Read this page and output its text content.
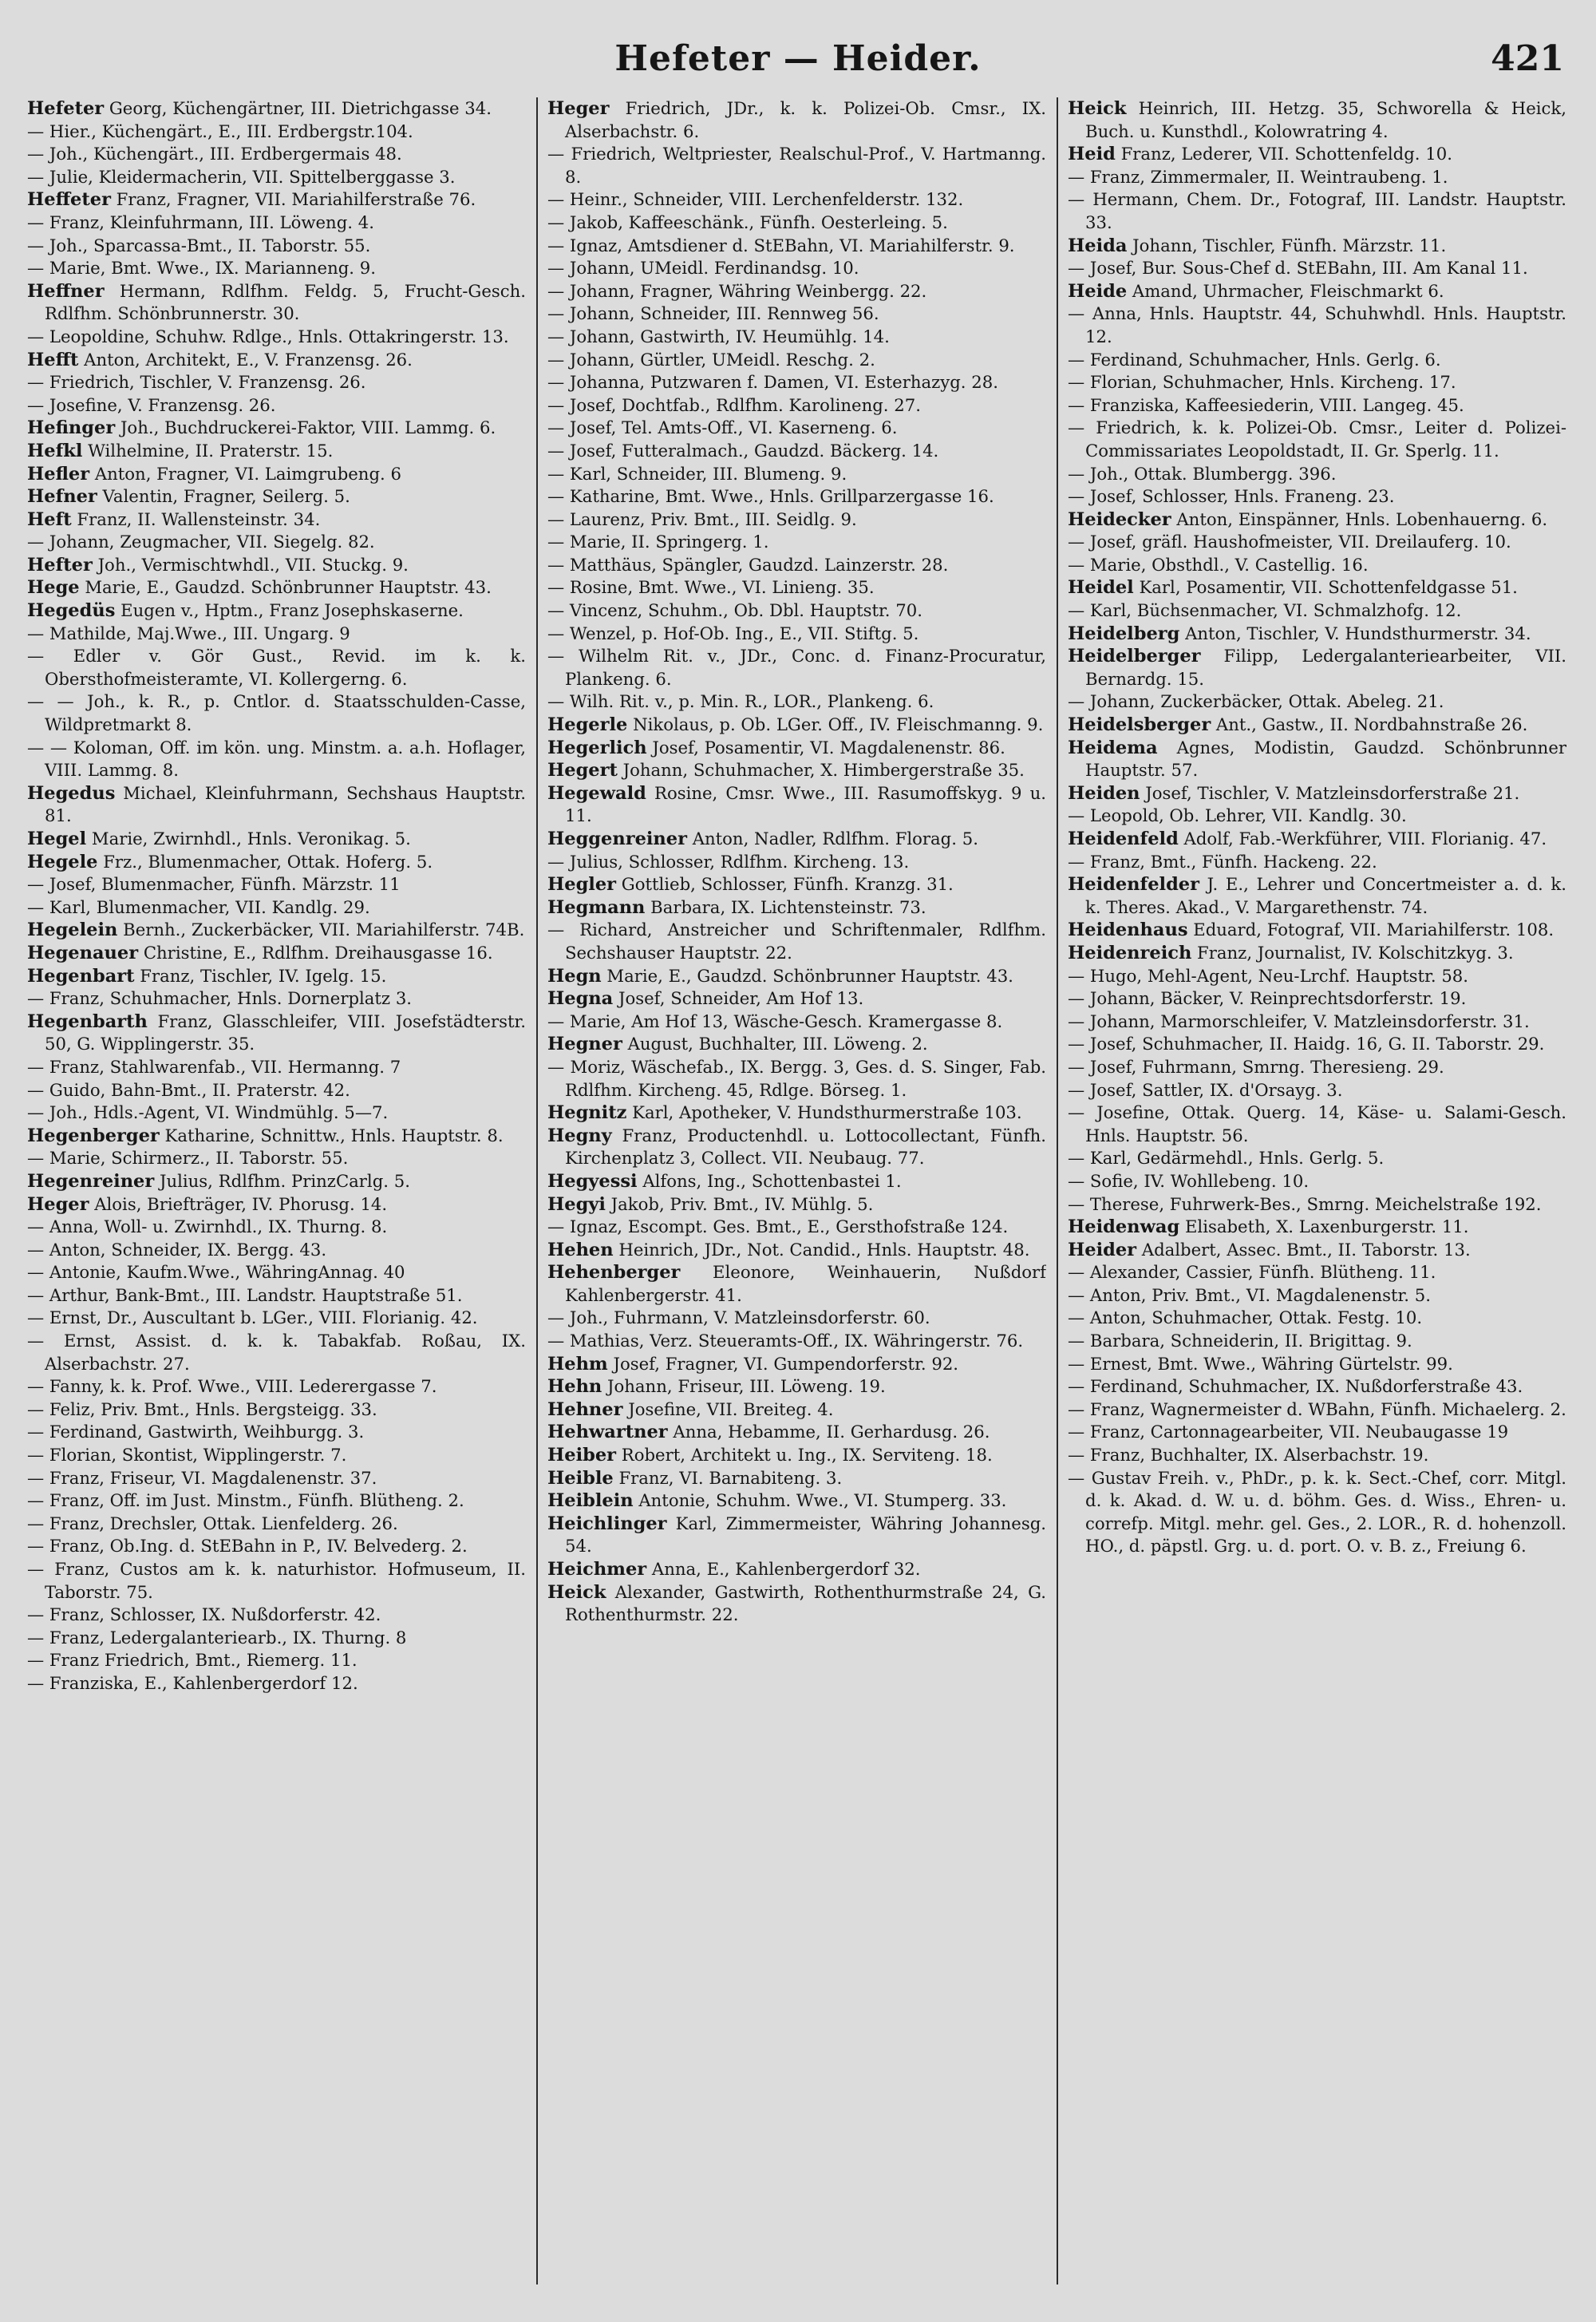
Hefeter — Heider.	421

Hefeter Georg, Küchengärtner, III. Dietrichgasse 34.

— Hier., Küchengärt., E., III. Erdbergstr.104.

— Joh., Küchengärt., III. Erdbergermais 48.

— Julie, Kleidermacherin, VII. Spittelberggasse 3.

Heffeter Franz, Fragner, VII. Mariahilferstraße 76.

— Franz, Kleinfuhrmann, III. Löweng. 4.

— Joh., Sparcassa-Bmt., II. Taborstr. 55.

— Marie, Bmt. Wwe., IX. Marianneng. 9.

Heffner Hermann, Rdlfhm. Feldg. 5, Frucht-Gesch. Rdlfhm. Schönbrunnerstr. 30.

— Leopoldine, Schuhw. Rdlge., Hnls. Ottakringerstr. 13.

Hefft Anton, Architekt, E., V. Franzensg. 26.

— Friedrich, Tischler, V. Franzensg. 26.

— Josefine, V. Franzensg. 26.

Hefinger Joh., Buchdruckerei-Faktor, VIII. Lammg. 6.

Hefkl Wilhelmine, II. Praterstr. 15.

Hefler Anton, Fragner, VI. Laimgrubeng. 6

Hefner Valentin, Fragner, Seilerg. 5.

Heft Franz, II. Wallensteinstr. 34.

— Johann, Zeugmacher, VII. Siegelg. 82.

Hefter Joh., Vermischtwhdl., VII. Stuckg. 9.

Hege Marie, E., Gaudzd. Schönbrunner Hauptstr. 43.

Hegedüs Eugen v., Hptm., Franz Josephskaserne.

— Mathilde, Maj.Wwe., III. Ungarg. 9

— Edler v. Gör Gust., Revid. im k. k. Obersthofmeisteramte, VI. Kollergerng. 6.

— — Joh., k. R., p. Cntlor. d. Staatsschulden-Casse, Wildpretmarkt 8.

— — Koloman, Off. im kön. ung. Minstm. a. a.h. Hoflager, VIII. Lammg. 8.

Hegedus Michael, Kleinfuhrmann, Sechshaus Hauptstr. 81.

Hegel Marie, Zwirnhdl., Hnls. Veronikag. 5.

Hegele Frz., Blumenmacher, Ottak. Hoferg. 5.

— Josef, Blumenmacher, Fünfh. Märzstr. 11

— Karl, Blumenmacher, VII. Kandlg. 29.

Hegelein Bernh., Zuckerbäcker, VII. Mariahilferstr. 74B.

Hegenauer Christine, E., Rdlfhm. Dreihausgasse 16.

Hegenbart Franz, Tischler, IV. Igelg. 15.

— Franz, Schuhmacher, Hnls. Dornerplatz 3.

Hegenbarth Franz, Glasschleifer, VIII. Josefstädterstr. 50, G. Wipplingerstr. 35.

— Franz, Stahlwarenfab., VII. Hermanng. 7

— Guido, Bahn-Bmt., II. Praterstr. 42.

— Joh., Hdls.-Agent, VI. Windmühlg. 5—7.

Hegenberger Katharine, Schnittw., Hnls. Hauptstr. 8.

— Marie, Schirmerz., II. Taborstr. 55.

Hegenreiner Julius, Rdlfhm. PrinzCarlg. 5.

Heger Alois, Briefträger, IV. Phorusg. 14.

— Anna, Woll- u. Zwirnhdl., IX. Thurng. 8.

— Anton, Schneider, IX. Bergg. 43.

— Antonie, Kaufm.Wwe., WähringAnnag. 40

— Arthur, Bank-Bmt., III. Landstr. Hauptstraße 51.

— Ernst, Dr., Auscultant b. LGer., VIII. Florianig. 42.

— Ernst, Assist. d. k. k. Tabakfab. Roßau, IX. Alserbachstr. 27.

— Fanny, k. k. Prof. Wwe., VIII. Lederergasse 7.

— Feliz, Priv. Bmt., Hnls. Bergsteigg. 33.

— Ferdinand, Gastwirth, Weihburgg. 3.

— Florian, Skontist, Wipplingerstr. 7.

— Franz, Friseur, VI. Magdalenenstr. 37.

— Franz, Off. im Just. Minstm., Fünfh. Blütheng. 2.

— Franz, Drechsler, Ottak. Lienfelderg. 26.

— Franz, Ob.Ing. d. StEBahn in P., IV. Belvederg. 2.

— Franz, Custos am k. k. naturhistor. Hofmuseum, II. Taborstr. 75.

— Franz, Schlosser, IX. Nußdorferstr. 42.

— Franz, Ledergalanteriearb., IX. Thurng. 8

— Franz Friedrich, Bmt., Riemerg. 11.

— Franziska, E., Kahlenbergerdorf 12.

Heger Friedrich, JDr., k. k. Polizei-Ob. Cmsr., IX. Alserbachstr. 6.

— Friedrich, Weltpriester, Realschul-Prof., V. Hartmanng. 8.

— Heinr., Schneider, VIII. Lerchenfelderstr. 132.

— Jakob, Kaffeeschänk., Fünfh. Oesterleing. 5.

— Ignaz, Amtsdiener d. StEBahn, VI. Mariahilferstr. 9.

— Johann, UMeidl. Ferdinandsg. 10.

— Johann, Fragner, Währing Weinbergg. 22.

— Johann, Schneider, III. Rennweg 56.

— Johann, Gastwirth, IV. Heumühlg. 14.

— Johann, Gürtler, UMeidl. Reschg. 2.

— Johanna, Putzwaren f. Damen, VI. Esterhazyg. 28.

— Josef, Dochtfab., Rdlfhm. Karolineng. 27.

— Josef, Tel. Amts-Off., VI. Kaserneng. 6.

— Josef, Futteralmach., Gaudzd. Bäckerg. 14.

— Karl, Schneider, III. Blumeng. 9.

— Katharine, Bmt. Wwe., Hnls. Grillparzergasse 16.

— Laurenz, Priv. Bmt., III. Seidlg. 9.

— Marie, II. Springerg. 1.

— Matthäus, Spängler, Gaudzd. Lainzerstr. 28.

— Rosine, Bmt. Wwe., VI. Linieng. 35.

— Vincenz, Schuhm., Ob. Dbl. Hauptstr. 70.

— Wenzel, p. Hof-Ob. Ing., E., VII. Stiftg. 5.

— Wilhelm Rit. v., JDr., Conc. d. Finanz-Procuratur, Plankeng. 6.

— Wilh. Rit. v., p. Min. R., LOR., Plankeng. 6.

Hegerle Nikolaus, p. Ob. LGer. Off., IV. Fleischmanng. 9.

Hegerlich Josef, Posamentir, VI. Magdalenenstr. 86.

Hegert Johann, Schuhmacher, X. Himbergerstraße 35.

Hegewald Rosine, Cmsr. Wwe., III. Rasumoffskyg. 9 u. 11.

Heggenreiner Anton, Nadler, Rdlfhm. Florag. 5.

— Julius, Schlosser, Rdlfhm. Kircheng. 13.

Hegler Gottlieb, Schlosser, Fünfh. Kranzg. 31.

Hegmann Barbara, IX. Lichtensteinstr. 73.

— Richard, Anstreicher und Schriftenmaler, Rdlfhm. Sechshauser Hauptstr. 22.

Hegn Marie, E., Gaudzd. Schönbrunner Hauptstr. 43.

Hegna Josef, Schneider, Am Hof 13.

— Marie, Am Hof 13, Wäsche-Gesch. Kramergasse 8.

Hegner August, Buchhalter, III. Löweng. 2.

— Moriz, Wäschefab., IX. Bergg. 3, Ges. d. S. Singer, Fab. Rdlfhm. Kircheng. 45, Rdlge. Börseg. 1.

Hegnitz Karl, Apotheker, V. Hundsthurmerstraße 103.

Hegny Franz, Productenhdl. u. Lottocollectant, Fünfh. Kirchenplatz 3, Collect. VII. Neubaug. 77.

Hegyessi Alfons, Ing., Schottenbastei 1.

Hegyi Jakob, Priv. Bmt., IV. Mühlg. 5.

— Ignaz, Escompt. Ges. Bmt., E., Gersthofstraße 124.

Hehen Heinrich, JDr., Not. Candid., Hnls. Hauptstr. 48.

Hehenberger Eleonore, Weinhauerin, Nußdorf Kahlenbergerstr. 41.

— Joh., Fuhrmann, V. Matzleinsdorferstr. 60.

— Mathias, Verz. Steueramts-Off., IX. Währingerstr. 76.

Hehm Josef, Fragner, VI. Gumpendorferstr. 92.

Hehn Johann, Friseur, III. Löweng. 19.

Hehner Josefine, VII. Breiteg. 4.

Hehwartner Anna, Hebamme, II. Gerhardusg. 26.

Heiber Robert, Architekt u. Ing., IX. Serviteng. 18.

Heible Franz, VI. Barnabiteng. 3.

Heiblein Antonie, Schuhm. Wwe., VI. Stumperg. 33.

Heichlinger Karl, Zimmermeister, Währing Johannesg. 54.

Heichmer Anna, E., Kahlenbergerdorf 32.

Heick Alexander, Gastwirth, Rothenthurmstraße 24, G. Rothenthurmstr. 22.

Heick Heinrich, III. Hetzg. 35, Schworella & Heick, Buch. u. Kunsthdl., Kolowratring 4.

Heid Franz, Lederer, VII. Schottenfeldg. 10.

— Franz, Zimmermaler, II. Weintraubeng. 1.

— Hermann, Chem. Dr., Fotograf, III. Landstr. Hauptstr. 33.

Heida Johann, Tischler, Fünfh. Märzstr. 11.

— Josef, Bur. Sous-Chef d. StEBahn, III. Am Kanal 11.

Heide Amand, Uhrmacher, Fleischmarkt 6.

— Anna, Hnls. Hauptstr. 44, Schuhwhdl. Hnls. Hauptstr. 12.

— Ferdinand, Schuhmacher, Hnls. Gerlg. 6.

— Florian, Schuhmacher, Hnls. Kircheng. 17.

— Franziska, Kaffeesiederin, VIII. Langeg. 45.

— Friedrich, k. k. Polizei-Ob. Cmsr., Leiter d. Polizei-Commissariates Leopoldstadt, II. Gr. Sperlg. 11.

— Joh., Ottak. Blumbergg. 396.

— Josef, Schlosser, Hnls. Franeng. 23.

Heidecker Anton, Einspänner, Hnls. Lobenhauerng. 6.

— Josef, gräfl. Haushofmeister, VII. Dreilauferg. 10.

— Marie, Obsthdl., V. Castellig. 16.

Heidel Karl, Posamentir, VII. Schottenfeldgasse 51.

— Karl, Büchsenmacher, VI. Schmalzhofg. 12.

Heidelberg Anton, Tischler, V. Hundsthurmerstr. 34.

Heidelberger Filipp, Ledergalanteriearbeiter, VII. Bernardg. 15.

— Johann, Zuckerbäcker, Ottak. Abeleg. 21.

Heidelsberger Ant., Gastw., II. Nordbahnstraße 26.

Heidema Agnes, Modistin, Gaudzd. Schönbrunner Hauptstr. 57.

Heiden Josef, Tischler, V. Matzleinsdorferstraße 21.

— Leopold, Ob. Lehrer, VII. Kandlg. 30.

Heidenfeld Adolf, Fab.-Werkführer, VIII. Florianig. 47.

— Franz, Bmt., Fünfh. Hackeng. 22.

Heidenfelder J. E., Lehrer und Concertmeister a. d. k. k. Theres. Akad., V. Margarethenstr. 74.

Heidenhaus Eduard, Fotograf, VII. Mariahilferstr. 108.

Heidenreich Franz, Journalist, IV. Kolschitzkyg. 3.

— Hugo, Mehl-Agent, Neu-Lrchf. Hauptstr. 58.

— Johann, Bäcker, V. Reinprechtsdorferstr. 19.

— Johann, Marmorschleifer, V. Matzleinsdorferstr. 31.

— Josef, Schuhmacher, II. Haidg. 16, G. II. Taborstr. 29.

— Josef, Fuhrmann, Smrng. Theresieng. 29.

— Josef, Sattler, IX. d'Orsayg. 3.

— Josefine, Ottak. Querg. 14, Käse- u. Salami-Gesch. Hnls. Hauptstr. 56.

— Karl, Gedärmehdl., Hnls. Gerlg. 5.

— Sofie, IV. Wohllebeng. 10.

— Therese, Fuhrwerk-Bes., Smrng. Meichelstraße 192.

Heidenwag Elisabeth, X. Laxenburgerstr. 11.

Heider Adalbert, Assec. Bmt., II. Taborstr. 13.

— Alexander, Cassier, Fünfh. Blütheng. 11.

— Anton, Priv. Bmt., VI. Magdalenenstr. 5.

— Anton, Schuhmacher, Ottak. Festg. 10.

— Barbara, Schneiderin, II. Brigittag. 9.

— Ernest, Bmt. Wwe., Währing Gürtelstr. 99.

— Ferdinand, Schuhmacher, IX. Nußdorferstraße 43.

— Franz, Wagnermeister d. WBahn, Fünfh. Michaelerg. 2.

— Franz, Cartonnagearbeiter, VII. Neubaugasse 19

— Franz, Buchhalter, IX. Alserbachstr. 19.

— Gustav Freih. v., PhDr., p. k. k. Sect.-Chef, corr. Mitgl. d. k. Akad. d. W. u. d. böhm. Ges. d. Wiss., Ehren- u. correfp. Mitgl. mehr. gel. Ges., 2. LOR., R. d. hohenzoll. HO., d. päpstl. Grg. u. d. port. O. v. B. z., Freiung 6.
